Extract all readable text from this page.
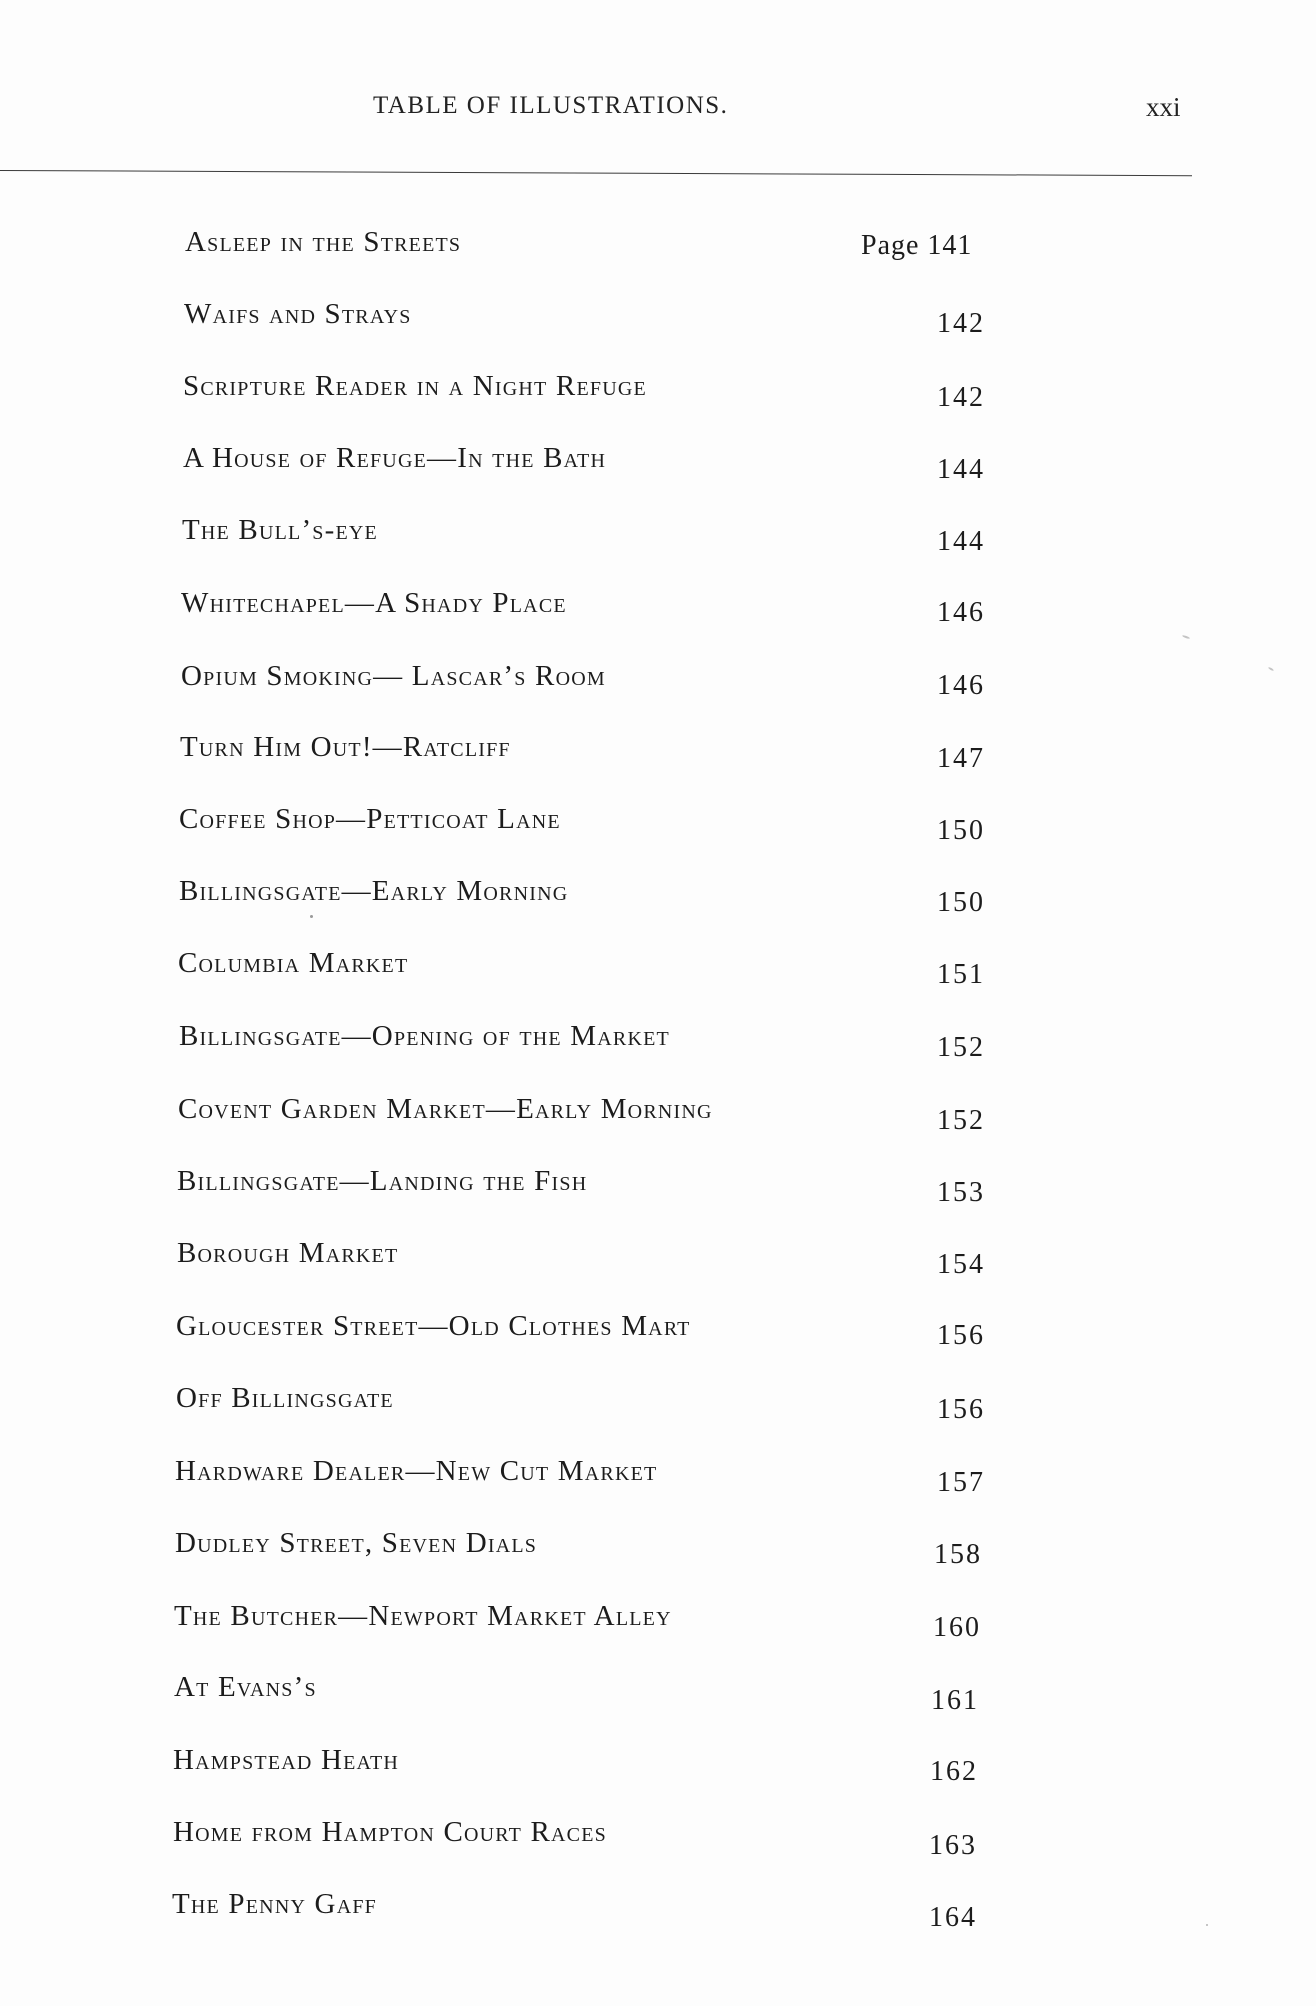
TABLE OF ILLUSTRATIONS.	xxi
Asleep in the Streets	Page 141
Waifs and Strays	142
Scripture Reader in a Night Refuge	142
A House of Refuge—In the Bath	144
The Bull’s-eye	144
Whitechapel—A Shady Place	146
Opium Smoking— Lascar’s Room	146
Turn Him Out!—Ratcliff	147
Coffee Shop—Petticoat Lane	150
Billingsgate—Early Morning	150
Columbia Market	151
Billingsgate—Opening of the Market	152
Covent Garden Market—Early Morning	152
Billingsgate—Landing the Fish	153
Borough Market	154
Gloucester Street—Old Clothes Mart	156
Off Billingsgate	156
Hardware Dealer—New Cut Market	157
Dudley Street, Seven Dials	158
The Butcher—Newport Market Alley	160
At Evans’s	161
Hampstead Heath	162
Home from Hampton Court Races	163
The Penny Gaff	164
